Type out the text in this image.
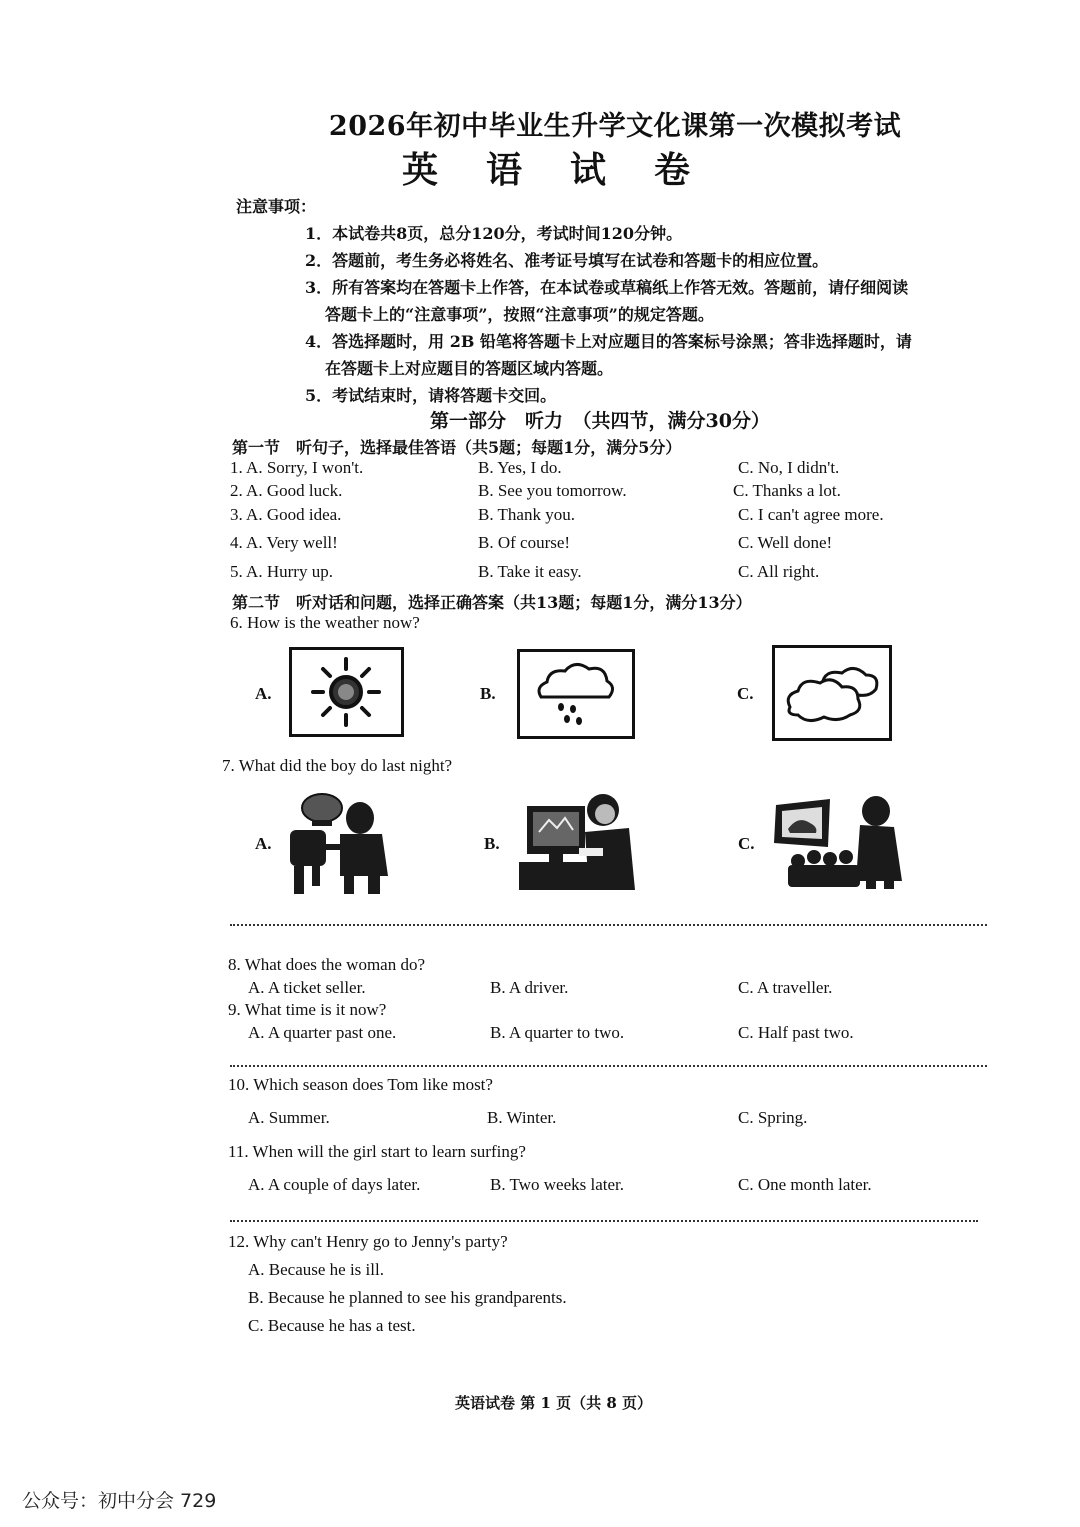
2026年初中毕业生升学文化课第一次模拟考试
英语试卷
注意事项：
1．本试卷共8页，总分120分，考试时间120分钟。
2．答题前，考生务必将姓名、准考证号填写在试卷和答题卡的相应位置。
3．所有答案均在答题卡上作答，在本试卷或草稿纸上作答无效。答题前，请仔细阅读
答题卡上的“注意事项”，按照“注意事项”的规定答题。
4．答选择题时，用 2B 铅笔将答题卡上对应题目的答案标号涂黑；答非选择题时，请
在答题卡上对应题目的答题区域内答题。
5．考试结束时，请将答题卡交回。
第一部分　听力　（共四节，满分30分）
第一节　听句子，选择最佳答语（共5题；每题1分，满分5分）
1. A. Sorry, I won't.	B. Yes, I do.	C. No, I didn't.
2. A. Good luck.	B. See you tomorrow.	C. Thanks a lot.
3. A. Good idea.	B. Thank you.	C. I can't agree more.
4. A. Very well!	B. Of course!	C. Well done!
5. A. Hurry up.	B. Take it easy.	C. All right.
第二节　听对话和问题，选择正确答案（共13题；每题1分，满分13分）
6. How is the weather now?
A.	B.	C.
7. What did the boy do last night?
A.	B.	C.
8. What does the woman do?
A. A ticket seller.	B. A driver.	C. A traveller.
9. What time is it now?
A. A quarter past one.	B. A quarter to two.	C. Half past two.
10. Which season does Tom like most?
A. Summer.	B. Winter.	C. Spring.
11. When will the girl start to learn surfing?
A. A couple of days later.	B. Two weeks later.	C. One month later.
12. Why can't Henry go to Jenny's party?
A. Because he is ill.
B. Because he planned to see his grandparents.
C. Because he has a test.
英语试卷 第 1 页（共 8 页）
公众号：初中分会 729
